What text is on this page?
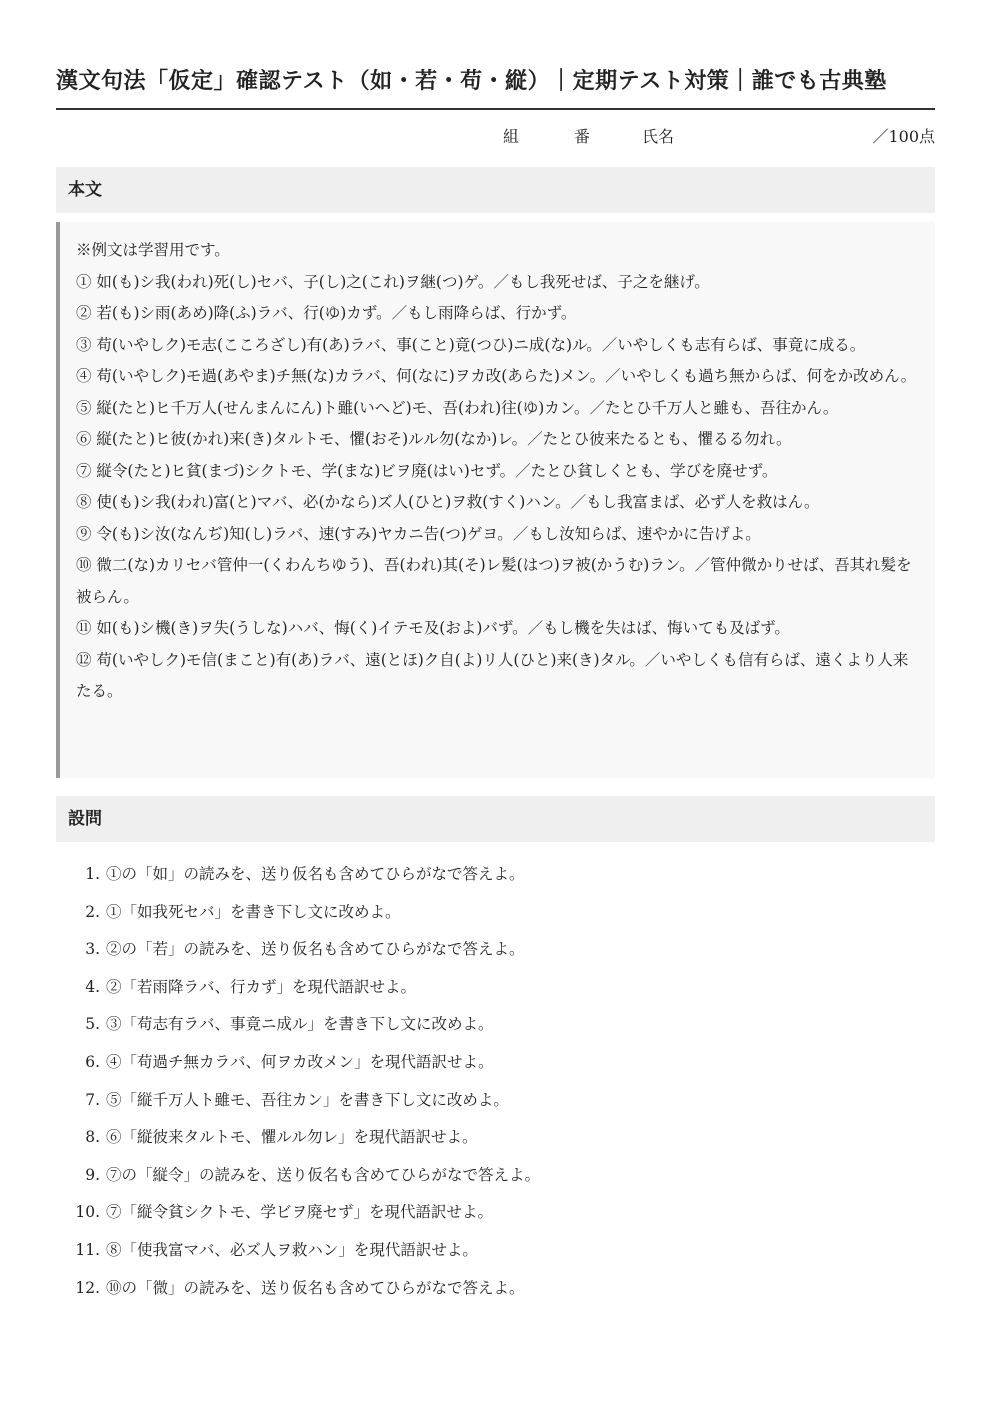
漢文句法「仮定」確認テスト（如・若・苟・縦）｜定期テスト対策｜誰でも古典塾
組	番	氏名	／100点
本文

※例文は学習用です。

① 如(も)シ我(われ)死(し)セバ、子(し)之(これ)ヲ継(つ)ゲ。／もし我死せば、子之を継げ。

② 若(も)シ雨(あめ)降(ふ)ラバ、行(ゆ)カず。／もし雨降らば、行かず。

③ 苟(いやしク)モ志(こころざし)有(あ)ラバ、事(こと)竟(つひ)ニ成(な)ル。／いやしくも志有らば、事竟に成る。

④ 苟(いやしク)モ過(あやま)チ無(な)カラバ、何(なに)ヲカ改(あらた)メン。／いやしくも過ち無からば、何をか改めん。

⑤ 縦(たと)ヒ千万人(せんまんにん)ト雖(いへど)モ、吾(われ)往(ゆ)カン。／たとひ千万人と雖も、吾往かん。

⑥ 縦(たと)ヒ彼(かれ)来(き)タルトモ、懼(おそ)ルル勿(なか)レ。／たとひ彼来たるとも、懼るる勿れ。

⑦ 縦令(たと)ヒ貧(まづ)シクトモ、学(まな)ビヲ廃(はい)セず。／たとひ貧しくとも、学びを廃せず。

⑧ 使(も)シ我(われ)富(と)マバ、必(かなら)ズ人(ひと)ヲ救(すく)ハン。／もし我富まば、必ず人を救はん。

⑨ 令(も)シ汝(なんぢ)知(し)ラバ、速(すみ)ヤカニ告(つ)ゲヨ。／もし汝知らば、速やかに告げよ。

⑩ 微二(な)カリセバ管仲一(くわんちゆう)、吾(われ)其(そ)レ髪(はつ)ヲ被(かうむ)ラン。／管仲微かりせば、吾其れ髪を被らん。

⑪ 如(も)シ機(き)ヲ失(うしな)ハバ、悔(く)イテモ及(およ)バず。／もし機を失はば、悔いても及ばず。

⑫ 苟(いやしク)モ信(まこと)有(あ)ラバ、遠(とほ)ク自(よ)リ人(ひと)来(き)タル。／いやしくも信有らば、遠くより人来たる。

設問
1. ①の「如」の読みを、送り仮名も含めてひらがなで答えよ。
2. ①「如我死セバ」を書き下し文に改めよ。
3. ②の「若」の読みを、送り仮名も含めてひらがなで答えよ。
4. ②「若雨降ラバ、行カず」を現代語訳せよ。
5. ③「苟志有ラバ、事竟ニ成ル」を書き下し文に改めよ。
6. ④「苟過チ無カラバ、何ヲカ改メン」を現代語訳せよ。
7. ⑤「縦千万人ト雖モ、吾往カン」を書き下し文に改めよ。
8. ⑥「縦彼来タルトモ、懼ルル勿レ」を現代語訳せよ。
9. ⑦の「縦令」の読みを、送り仮名も含めてひらがなで答えよ。
10. ⑦「縦令貧シクトモ、学ビヲ廃セず」を現代語訳せよ。
11. ⑧「使我富マバ、必ズ人ヲ救ハン」を現代語訳せよ。
12. ⑩の「微」の読みを、送り仮名も含めてひらがなで答えよ。
